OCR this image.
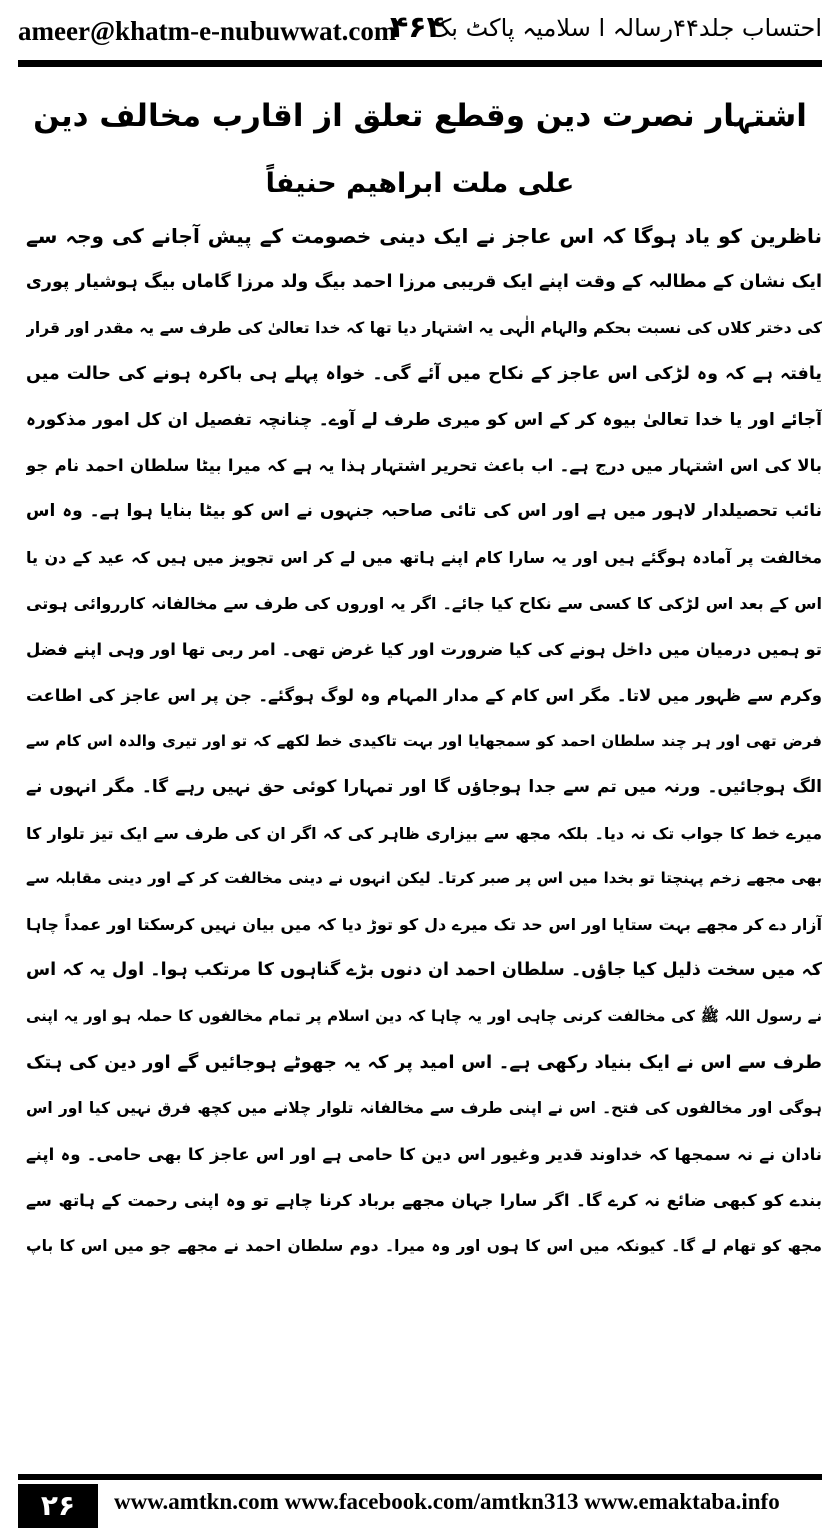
ameer@khatm-e-nubuwwat.com
۴۶۴
احتساب جلد۴۴رسالہ ا سلامیہ پاکٹ بک
اشتہار نصرت دین وقطع تعلق از اقارب مخالف دین
علی ملت ابراهیم حنیفاً
ناظرین کو یاد ہوگا کہ اس عاجز نے ایک دینی خصومت کے پیش آجانے کی وجہ سے
ایک نشان کے مطالبہ کے وقت اپنے ایک قریبی مرزا احمد بیگ ولد مرزا گاماں بیگ ہوشیار پوری
کی دختر کلاں کی نسبت بحکم والہام الٰہی یہ اشتہار دیا تھا کہ خدا تعالیٰ کی طرف سے یہ مقدر اور قرار
یافتہ ہے کہ وہ لڑکی اس عاجز کے نکاح میں آئے گی۔ خواہ پہلے ہی باکرہ ہونے کی حالت میں
آجائے اور یا خدا تعالیٰ بیوہ کر کے اس کو میری طرف لے آوے۔ چنانچہ تفصیل ان کل امور مذکورہ
بالا کی اس اشتہار میں درج ہے۔ اب باعث تحریر اشتہار ہذا یہ ہے کہ میرا بیٹا سلطان احمد نام جو
نائب تحصیلدار لاہور میں ہے اور اس کی تائی صاحبہ جنہوں نے اس کو بیٹا بنایا ہوا ہے۔ وہ اس
مخالفت پر آمادہ ہوگئے ہیں اور یہ سارا کام اپنے ہاتھ میں لے کر اس تجویز میں ہیں کہ عید کے دن یا
اس کے بعد اس لڑکی کا کسی سے نکاح کیا جائے۔ اگر یہ اوروں کی طرف سے مخالفانہ کارروائی ہوتی
تو ہمیں درمیان میں داخل ہونے کی کیا ضرورت اور کیا غرض تھی۔ امر ربی تھا اور وہی اپنے فضل
وکرم سے ظہور میں لاتا۔ مگر اس کام کے مدار المہام وہ لوگ ہوگئے۔ جن پر اس عاجز کی اطاعت
فرض تھی اور ہر چند سلطان احمد کو سمجھایا اور بہت تاکیدی خط لکھے کہ تو اور تیری والدہ اس کام سے
الگ ہوجائیں۔ ورنہ میں تم سے جدا ہوجاؤں گا اور تمہارا کوئی حق نہیں رہے گا۔ مگر انہوں نے
میرے خط کا جواب تک نہ دیا۔ بلکہ مجھ سے بیزاری ظاہر کی کہ اگر ان کی طرف سے ایک تیز تلوار کا
بھی مجھے زخم پہنچتا تو بخدا میں اس پر صبر کرتا۔ لیکن انہوں نے دینی مخالفت کر کے اور دینی مقابلہ سے
آزار دے کر مجھے بہت ستایا اور اس حد تک میرے دل کو توڑ دیا کہ میں بیان نہیں کرسکتا اور عمداً چاہا
کہ میں سخت ذلیل کیا جاؤں۔ سلطان احمد ان دنوں بڑے گناہوں کا مرتکب ہوا۔ اول یہ کہ اس
نے رسول اللہ ﷺ کی مخالفت کرنی چاہی اور یہ چاہا کہ دین اسلام پر تمام مخالفوں کا حملہ ہو اور یہ اپنی
طرف سے اس نے ایک بنیاد رکھی ہے۔ اس امید پر کہ یہ جھوٹے ہوجائیں گے اور دین کی ہتک
ہوگی اور مخالفوں کی فتح۔ اس نے اپنی طرف سے مخالفانہ تلوار چلانے میں کچھ فرق نہیں کیا اور اس
نادان نے نہ سمجھا کہ خداوند قدیر وغیور اس دین کا حامی ہے اور اس عاجز کا بھی حامی۔ وہ اپنے
بندے کو کبھی ضائع نہ کرے گا۔ اگر سارا جہان مجھے برباد کرنا چاہے تو وہ اپنی رحمت کے ہاتھ سے
مجھ کو تھام لے گا۔ کیونکہ میں اس کا ہوں اور وہ میرا۔ دوم سلطان احمد نے مجھے جو میں اس کا باپ
۲۶	www.amtkn.com www.facebook.com/amtkn313 www.emaktaba.info
